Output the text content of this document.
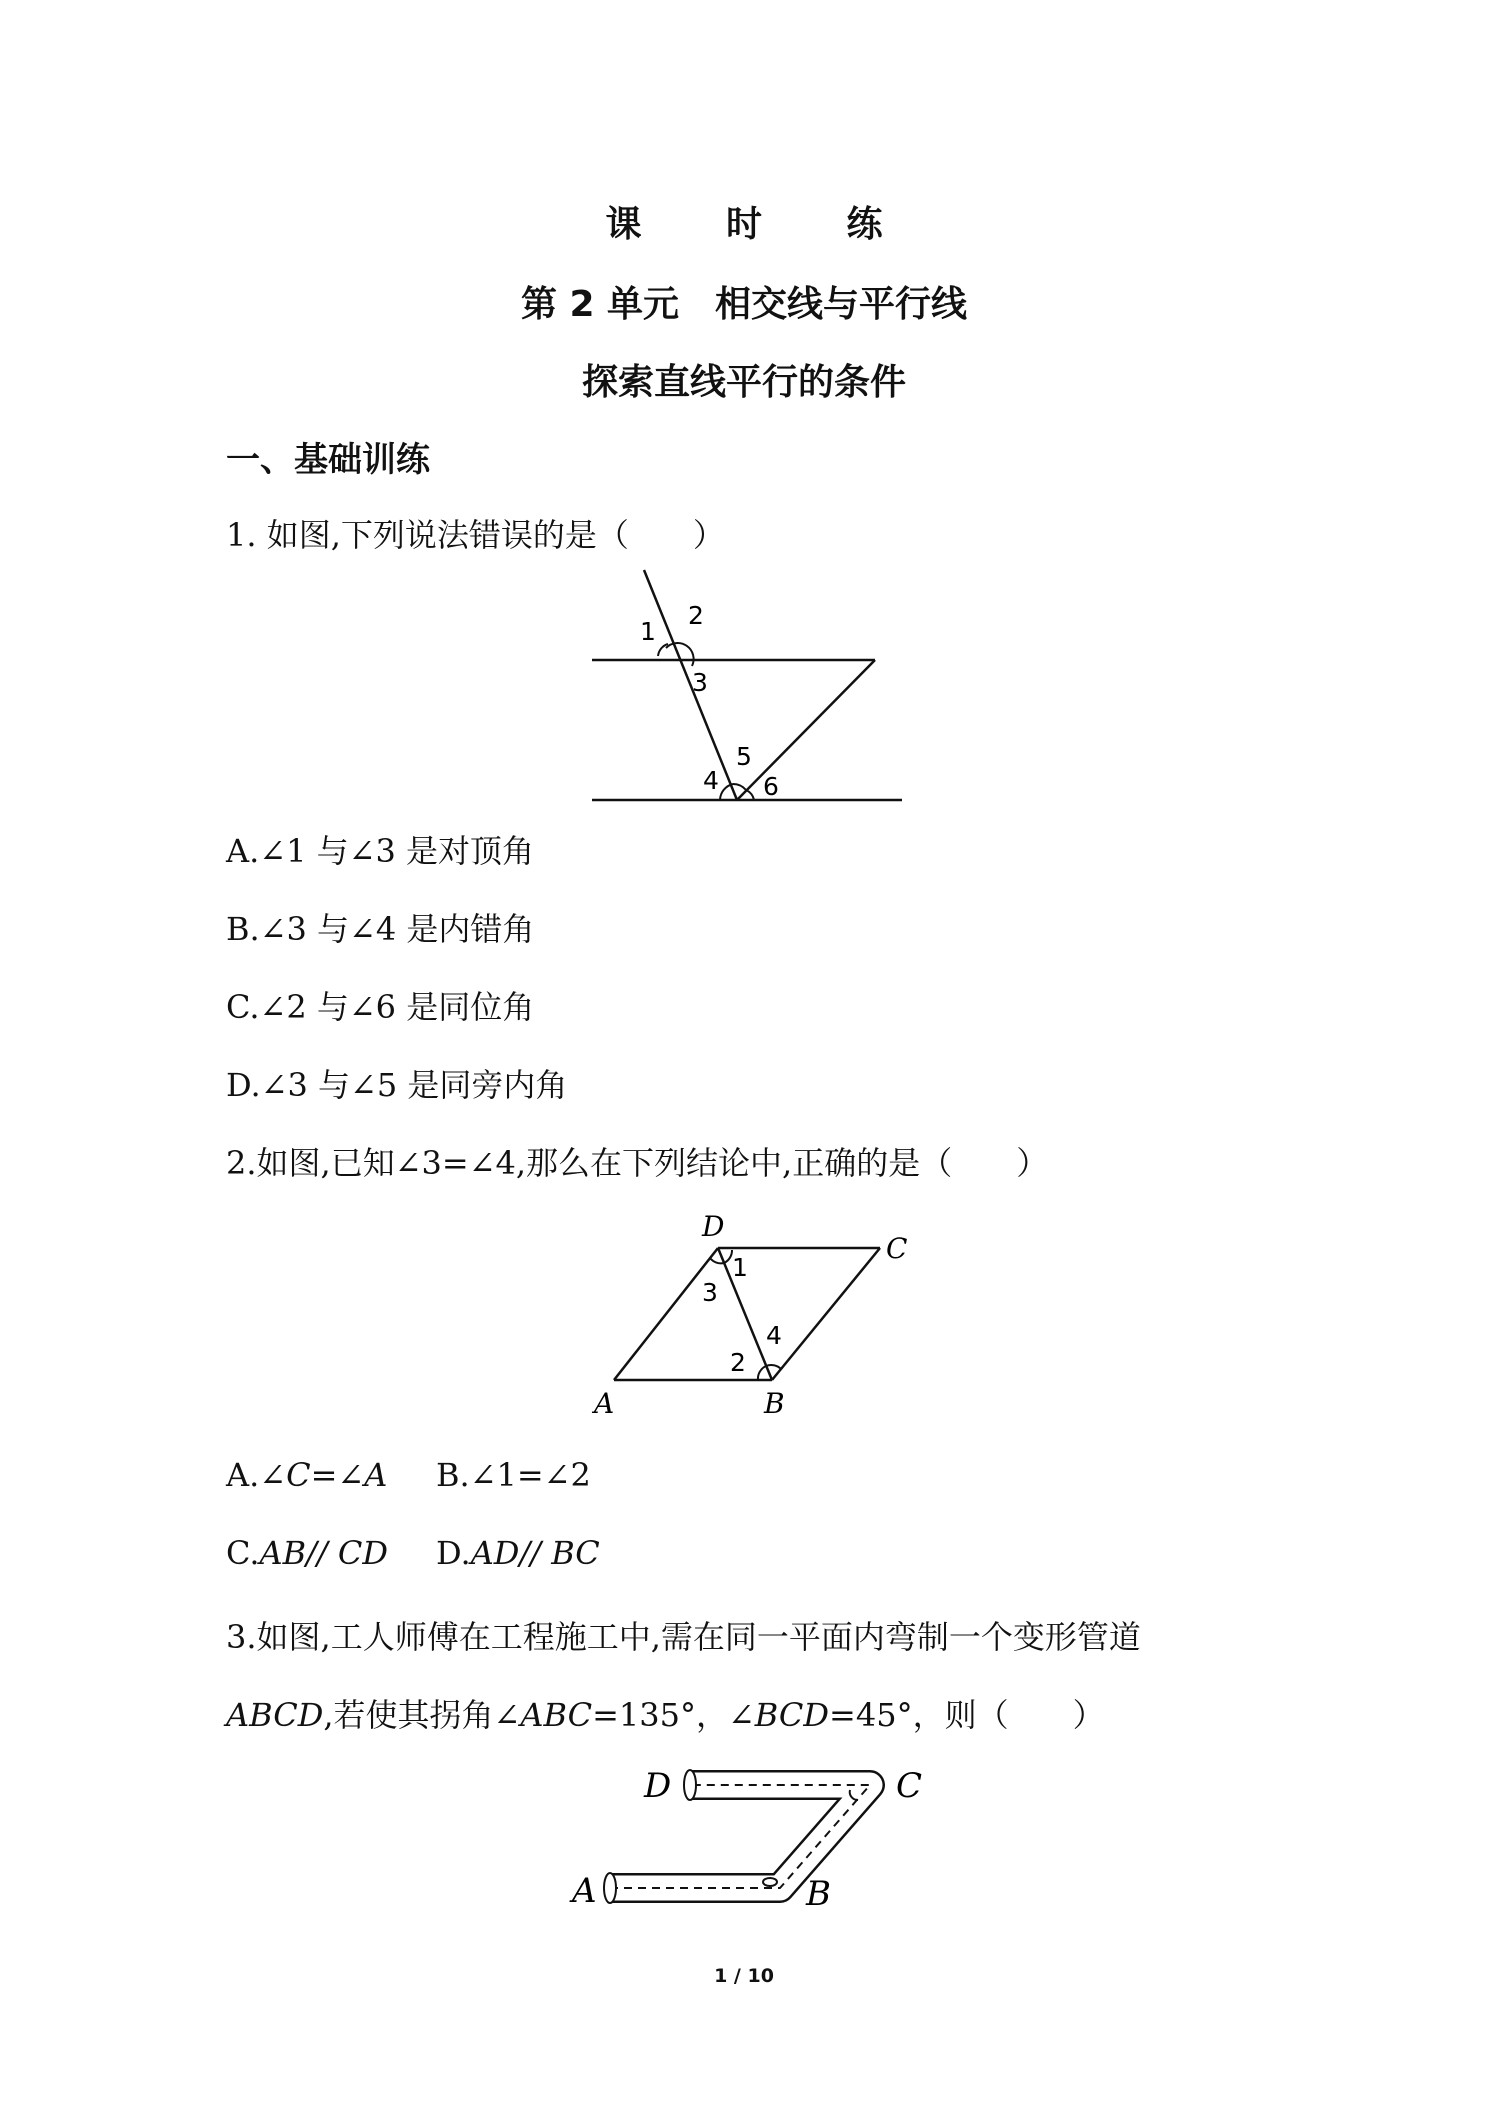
课 时 练
第 2 单元　相交线与平行线
探索直线平行的条件
一、基础训练
1. 如图,下列说法错误的是（　　）
1
2
3
4
5
6
A.∠1 与∠3 是对顶角
B.∠3 与∠4 是内错角
C.∠2 与∠6 是同位角
D.∠3 与∠5 是同旁内角
2.如图,已知∠3=∠4,那么在下列结论中,正确的是（　　）
D
C
A	B
1
3
2
4
A.∠C=∠A B.∠1=∠2
C.AB// CD D.AD// BC
3.如图,工人师傅在工程施工中,需在同一平面内弯制一个变形管道
ABCD,若使其拐角∠ABC=135°，∠BCD=45°，则（　　）
D	C
A	B
1 / 10
